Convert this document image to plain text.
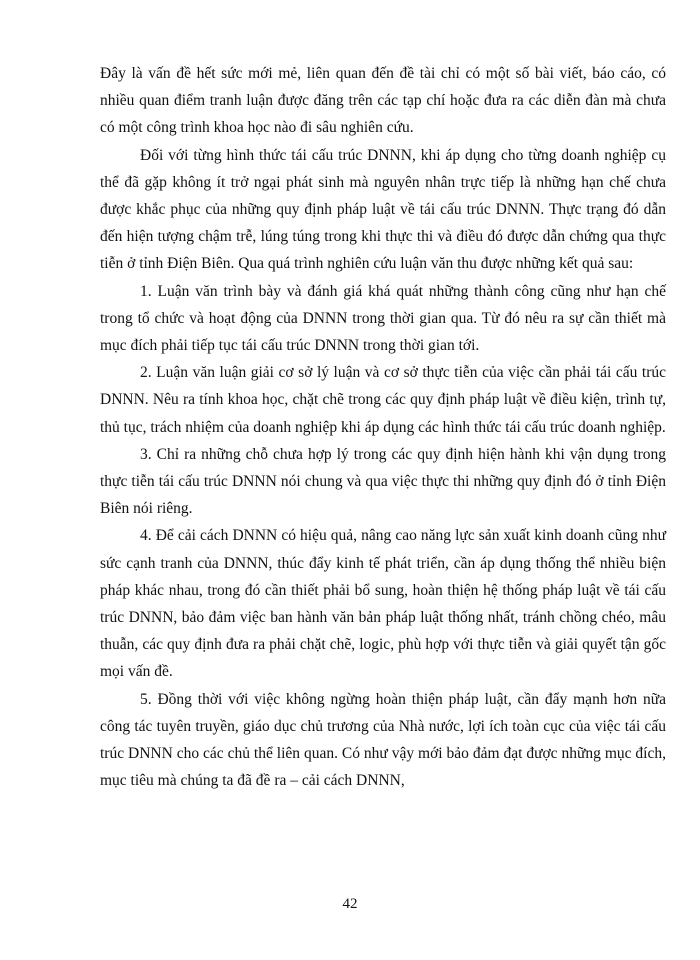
Đây là vấn đề hết sức mới mẻ, liên quan đến đề tài chỉ có một số bài viết, báo cáo, có nhiều quan điểm tranh luận được đăng trên các tạp chí hoặc đưa ra các diễn đàn mà chưa có một công trình khoa học nào đi sâu nghiên cứu.

Đối với từng hình thức tái cấu trúc DNNN, khi áp dụng cho từng doanh nghiệp cụ thể đã gặp không ít trở ngại phát sinh mà nguyên nhân trực tiếp là những hạn chế chưa được khắc phục của những quy định pháp luật về tái cấu trúc DNNN. Thực trạng đó dẫn đến hiện tượng chậm trễ, lúng túng trong khi thực thi và điều đó được dẫn chứng qua thực tiễn ở tỉnh Điện Biên. Qua quá trình nghiên cứu luận văn thu được những kết quả sau:

1. Luận văn trình bày và đánh giá khá quát những thành công cũng như hạn chế trong tổ chức và hoạt động của DNNN trong thời gian qua. Từ đó nêu ra sự cần thiết mà mục đích phải tiếp tục tái cấu trúc DNNN trong thời gian tới.

2. Luận văn luận giải cơ sở lý luận và cơ sở thực tiễn của việc cần phải tái cấu trúc DNNN. Nêu ra tính khoa học, chặt chẽ trong các quy định pháp luật về điều kiện, trình tự, thủ tục, trách nhiệm của doanh nghiệp khi áp dụng các hình thức tái cấu trúc doanh nghiệp.

3. Chỉ ra những chỗ chưa hợp lý trong các quy định hiện hành khi vận dụng trong thực tiễn tái cấu trúc DNNN nói chung và qua việc thực thi những quy định đó ở tỉnh Điện Biên nói riêng.

4. Để cải cách DNNN có hiệu quả, nâng cao năng lực sản xuất kinh doanh cũng như sức cạnh tranh của DNNN, thúc đẩy kinh tế phát triển, cần áp dụng thống thể nhiều biện pháp khác nhau, trong đó cần thiết phải bổ sung, hoàn thiện hệ thống pháp luật về tái cấu trúc DNNN, bảo đảm việc ban hành văn bản pháp luật thống nhất, tránh chồng chéo, mâu thuẫn, các quy định đưa ra phải chặt chẽ, logic, phù hợp với thực tiễn và giải quyết tận gốc mọi vấn đề.

5. Đồng thời với việc không ngừng hoàn thiện pháp luật, cần đẩy mạnh hơn nữa công tác tuyên truyền, giáo dục chủ trương của Nhà nước, lợi ích toàn cục của việc tái cấu trúc DNNN cho các chủ thể liên quan. Có như vậy mới bảo đảm đạt được những mục đích, mục tiêu mà chúng ta đã đề ra – cải cách DNNN,

42
